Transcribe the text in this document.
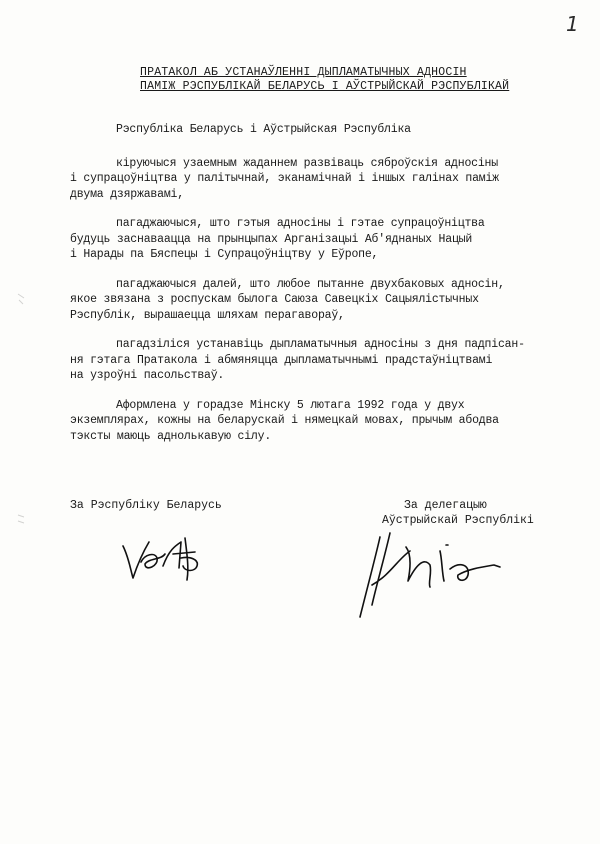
1
ПРАТАКОЛ АБ УСТАНАЎЛЕННІ ДЫПЛАМАТЫЧНЫХ АДНОСІН
ПАМІЖ РЭСПУБЛІКАЙ БЕЛАРУСЬ І АЎСТРЫЙСКАЙ РЭСПУБЛІКАЙ

Рэспубліка Беларусь і Аўстрыйская Рэспубліка

кіруючыся узаемным жаданнем развіваць сяброўскія адносіны
і супрацоўніцтва у палітычнай, эканамічнай і іншых галінах паміж
двума дзяржавамі,

пагаджаючыся, што гэтыя адносіны і гэтае супрацоўніцтва
будуць заснаваацца на прынцыпах Арганізацыі Аб'яднаных Нацый
і Нарады па Бяспецы і Супрацоўніцтву у Еўропе,

пагаджаючыся далей, што любое пытанне двухбаковых адносін,
якое звязана з роспускам былога Саюза Савецкіх Сацыялістычных
Рэспублік, вырашаецца шляхам перагавораў,

пагадзіліся устанавіць дыпламатычныя адносіны з дня падпісан-
ня гэтага Пратакола і абмяняцца дыпламатычнымі прадстаўніцтвамі
на узроўні пасольстваў.

Аформлена у горадзе Мінску 5 лютага 1992 года у двух
экземплярах, кожны на беларускай і нямецкай мовах, прычым абодва
тэксты маюць аднолькавую сілу.

За Рэспубліку Беларусь	За делегацыю
Аўстрыйскай Рэспублікі
